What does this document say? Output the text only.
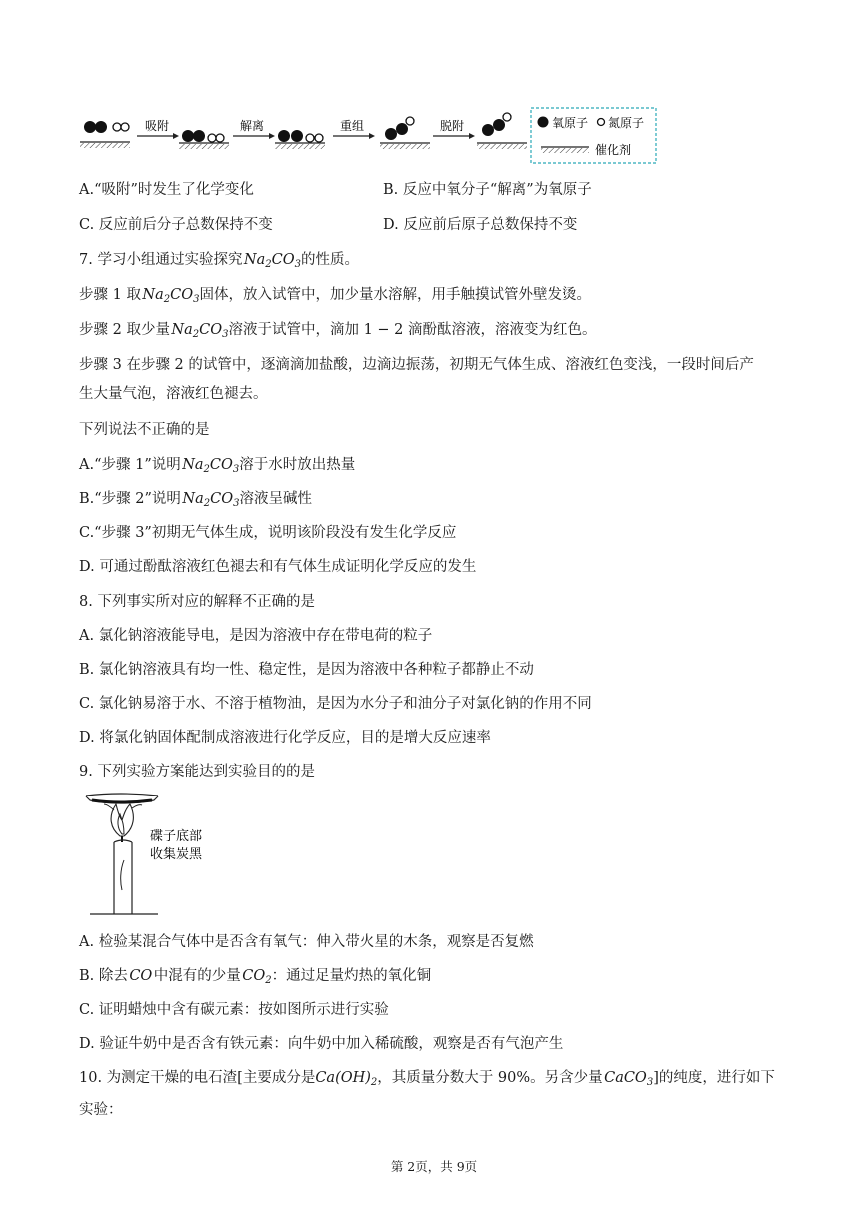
吸附	解离	重组	脱附	氧原子 氮原子
催化剂
A.“吸附”时发生了化学变化	B. 反应中氧分子“解离”为氧原子
C. 反应前后分子总数保持不变	D. 反应前后原子总数保持不变
7. 学习小组通过实验探究 $Na_2CO_3$的性质。
步骤 1 取 $Na_2CO_3$固体，放入试管中，加少量水溶解，用手触摸试管外壁发烫。
步骤 2 取少量 $Na_2CO_3$溶液于试管中，滴加 1 − 2 滴酚酞溶液，溶液变为红色。
步骤 3 在步骤 2 的试管中，逐滴滴加盐酸，边滴边振荡，初期无气体生成、溶液红色变浅，一段时间后产
生大量气泡，溶液红色褪去。
下列说法不正确的是
A.“步骤 1”说明 $Na_2CO_3$溶于水时放出热量
B.“步骤 2”说明 $Na_2CO_3$溶液呈碱性
C.“步骤 3”初期无气体生成，说明该阶段没有发生化学反应
D. 可通过酚酞溶液红色褪去和有气体生成证明化学反应的发生
8. 下列事实所对应的解释不正确的是
A. 氯化钠溶液能导电，是因为溶液中存在带电荷的粒子
B. 氯化钠溶液具有均一性、稳定性，是因为溶液中各种粒子都静止不动
C. 氯化钠易溶于水、不溶于植物油，是因为水分子和油分子对氯化钠的作用不同
D. 将氯化钠固体配制成溶液进行化学反应，目的是增大反应速率
9. 下列实验方案能达到实验目的的是
碟子底部
收集炭黑
A. 检验某混合气体中是否含有氧气：伸入带火星的木条，观察是否复燃
B. 除去 CO 中混有的少量 $CO_2$：通过足量灼热的氧化铜
C. 证明蜡烛中含有碳元素：按如图所示进行实验
D. 验证牛奶中是否含有铁元素：向牛奶中加入稀硫酸，观察是否有气泡产生
10. 为测定干燥的电石渣[主要成分是$Ca(OH)_2$，其质量分数大于 90%。另含少量 CaCO$_3$]的纯度，进行如下
实验：
第 2页，共 9页
